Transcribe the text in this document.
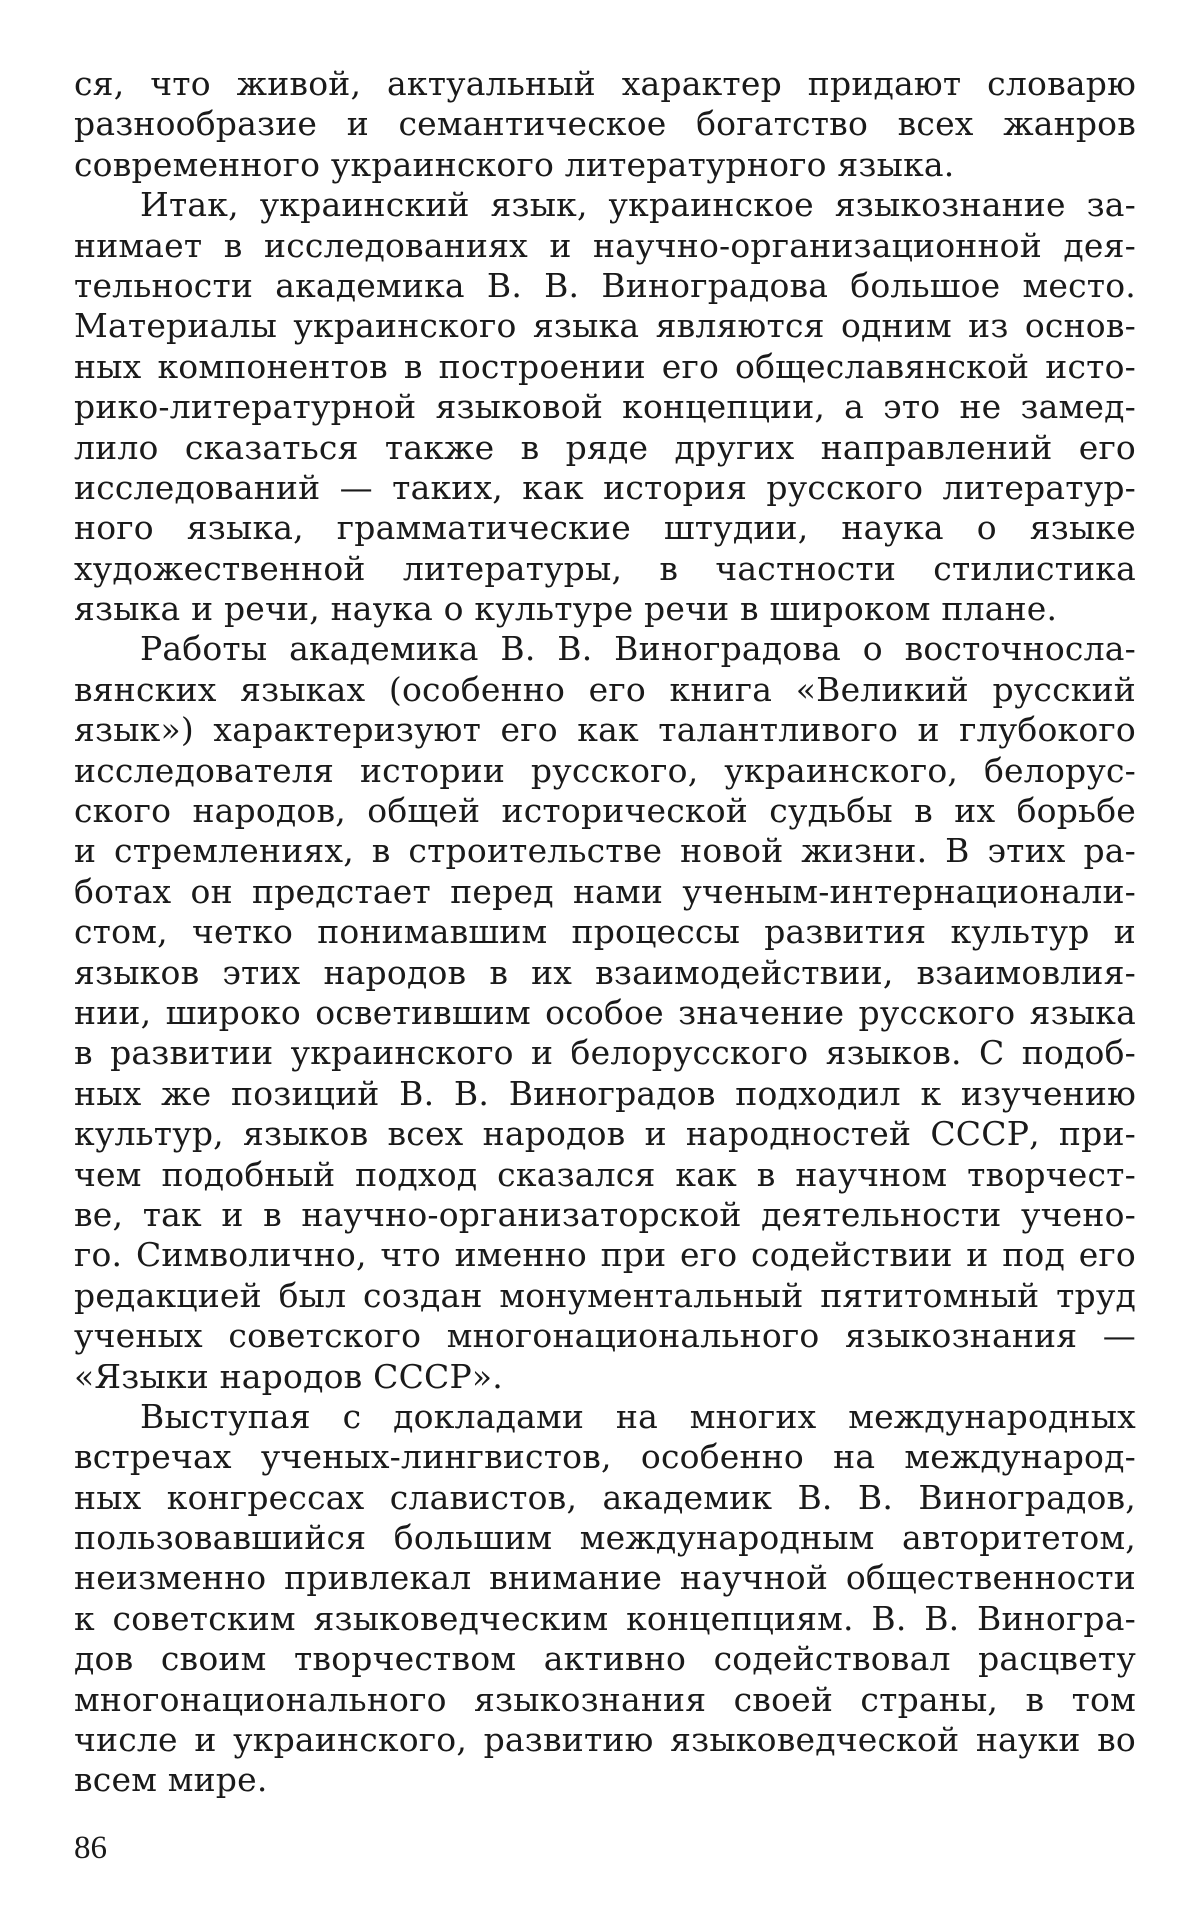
ся, что живой, актуальный характер придают словарю
разнообразие и семантическое богатство всех жанров
современного украинского литературного языка.
Итак, украинский язык, украинское языкознание за-
нимает в исследованиях и научно-организационной дея-
тельности академика В. В. Виноградова большое место.
Материалы украинского языка являются одним из основ-
ных компонентов в построении его общеславянской исто-
рико-литературной языковой концепции, а это не замед-
лило сказаться также в ряде других направлений его
исследований — таких, как история русского литератур-
ного языка, грамматические штудии, наука о языке
художественной литературы, в частности стилистика
языка и речи, наука о культуре речи в широком плане.
Работы академика В. В. Виноградова о восточносла-
вянских языках (особенно его книга «Великий русский
язык») характеризуют его как талантливого и глубокого
исследователя истории русского, украинского, белорус-
ского народов, общей исторической судьбы в их борьбе
и стремлениях, в строительстве новой жизни. В этих ра-
ботах он предстает перед нами ученым-интернационали-
стом, четко понимавшим процессы развития культур и
языков этих народов в их взаимодействии, взаимовлия-
нии, широко осветившим особое значение русского языка
в развитии украинского и белорусского языков. С подоб-
ных же позиций В. В. Виноградов подходил к изучению
культур, языков всех народов и народностей СССР, при-
чем подобный подход сказался как в научном творчест-
ве, так и в научно-организаторской деятельности учено-
го. Символично, что именно при его содействии и под его
редакцией был создан монументальный пятитомный труд
ученых советского многонационального языкознания —
«Языки народов СССР».
Выступая с докладами на многих международных
встречах ученых-лингвистов, особенно на международ-
ных конгрессах славистов, академик В. В. Виноградов,
пользовавшийся большим международным авторитетом,
неизменно привлекал внимание научной общественности
к советским языковедческим концепциям. В. В. Виногра-
дов своим творчеством активно содействовал расцвету
многонационального языкознания своей страны, в том
числе и украинского, развитию языковедческой науки во
всем мире.
86
